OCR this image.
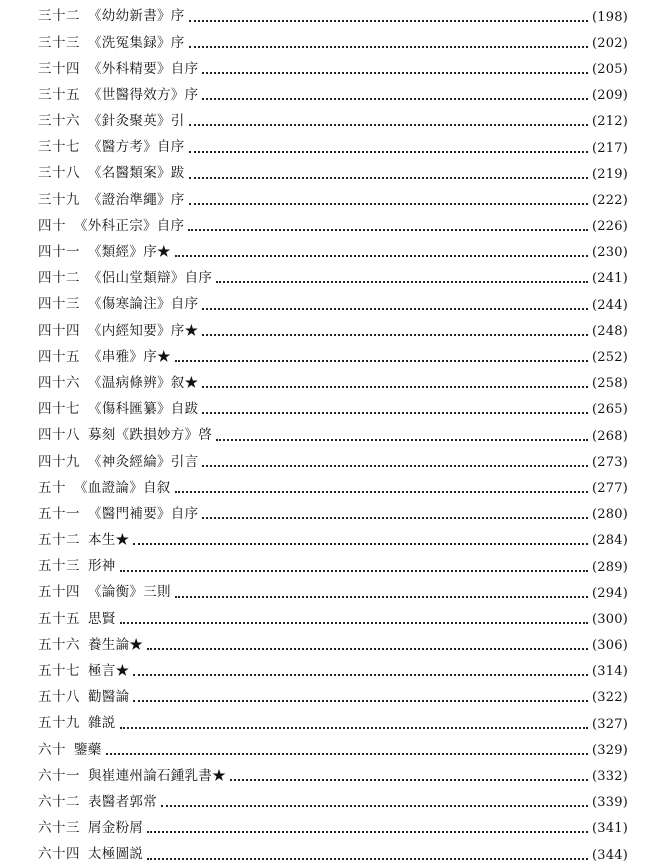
三十二 《幼幼新書》序	(198)
三十三 《洗冤集録》序	(202)
三十四 《外科精要》自序	(205)
三十五 《世醫得效方》序	(209)
三十六 《針灸聚英》引	(212)
三十七 《醫方考》自序	(217)
三十八 《名醫類案》跋	(219)
三十九 《證治準繩》序	(222)
四十 《外科正宗》自序	(226)
四十一 《類經》序★	(230)
四十二 《侶山堂類辯》自序	(241)
四十三 《傷寒論注》自序	(244)
四十四 《内經知要》序★	(248)
四十五 《串雅》序★	(252)
四十六 《温病條辨》叙★	(258)
四十七 《傷科匯纂》自跋	(265)
四十八 募刻《跌損妙方》啓	(268)
四十九 《神灸經綸》引言	(273)
五十 《血證論》自叙	(277)
五十一 《醫門補要》自序	(280)
五十二 本生★	(284)
五十三 形神	(289)
五十四 《論衡》三則	(294)
五十五 思賢	(300)
五十六 養生論★	(306)
五十七 極言★	(314)
五十八 勸醫論	(322)
五十九 雜説	(327)
六十 鑒藥	(329)
六十一 與崔連州論石鍾乳書★	(332)
六十二 表醫者郭常	(339)
六十三 屑金粉屑	(341)
六十四 太極圖説	(344)
